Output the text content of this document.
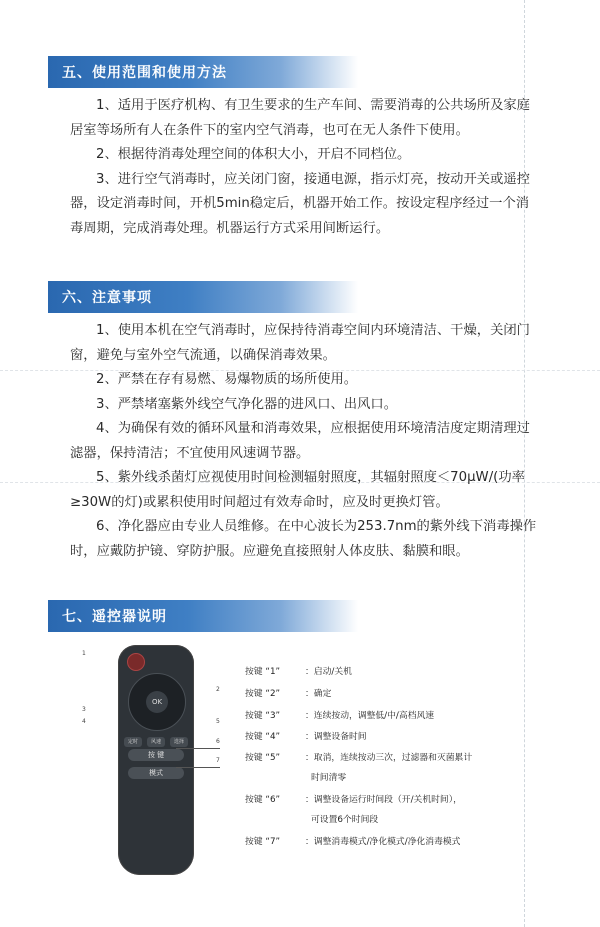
五、使用范围和使用方法

1、适用于医疗机构、有卫生要求的生产车间、需要消毒的公共场所及家庭居室等场所有人在条件下的室内空气消毒，也可在无人条件下使用。

2、根据待消毒处理空间的体积大小，开启不同档位。

3、进行空气消毒时，应关闭门窗，接通电源，指示灯亮，按动开关或遥控器，设定消毒时间，开机5min稳定后，机器开始工作。按设定程序经过一个消毒周期，完成消毒处理。机器运行方式采用间断运行。

六、注意事项

1、使用本机在空气消毒时，应保持待消毒空间内环境清洁、干燥，关闭门窗，避免与室外空气流通，以确保消毒效果。

2、严禁在存有易燃、易爆物质的场所使用。

3、严禁堵塞紫外线空气净化器的进风口、出风口。

4、为确保有效的循环风量和消毒效果，应根据使用环境清洁度定期清理过滤器，保持清洁；不宜使用风速调节器。

5、紫外线杀菌灯应视使用时间检测辐射照度，其辐射照度＜70μW/(功率≥30W的灯)或累积使用时间超过有效寿命时，应及时更换灯管。

6、净化器应由专业人员维修。在中心波长为253.7nm的紫外线下消毒操作时，应戴防护镜、穿防护服。应避免直接照射人体皮肤、黏膜和眼。

七、遥控器说明
OK
定时	风速	选择
按 键
模式
1
2
3
4	5
6
7
按键 “1”	：启动/关机
按键 “2”	：确定
按键 “3”	：连续按动，调整低/中/高档风速
按键 “4”	：调整设备时间
按键 “5”	：取消，连续按动三次，过滤器和灭菌累计
时间清零
按键 “6”	：调整设备运行时间段（开/关机时间），
可设置6个时间段
按键 “7”	：调整消毒模式/净化模式/净化消毒模式
